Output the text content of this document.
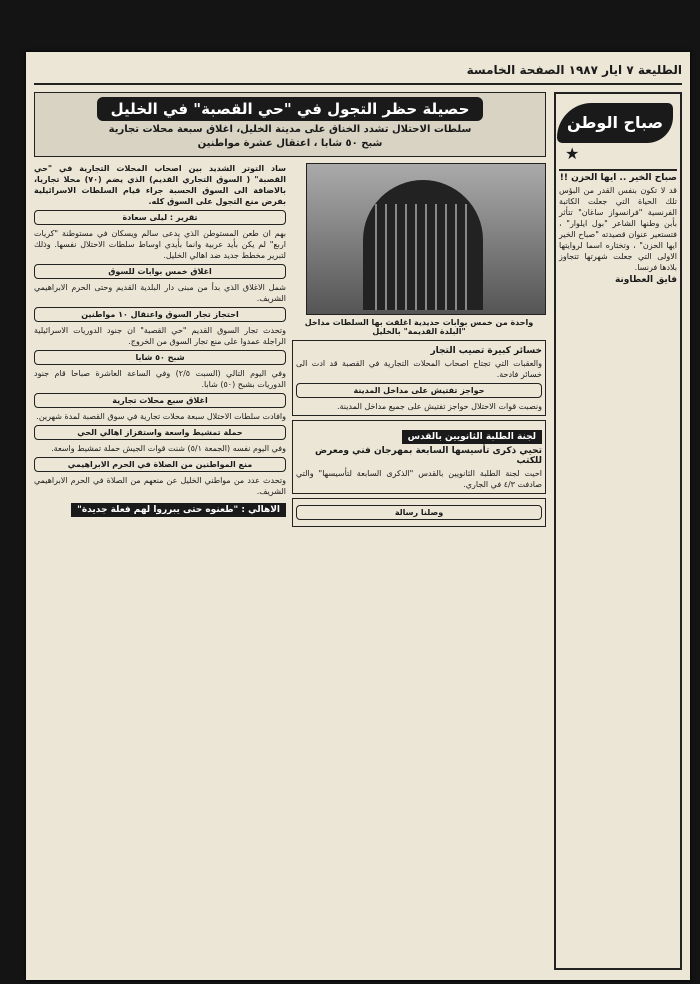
الطليعة ٧ ايار ١٩٨٧ الصفحة الخامسة
صباح الوطن
★

صباح الخير .. ايها الحزن !!

قد لا تكون بنفس القدر من البؤس تلك الحياة التي جعلت الكاتبة الفرنسية "فرانسواز ساغان" تتأثر بأبن وطنها الشاعر "بول ايلوار" ، فتستعير عنوان قصيدته "صباح الخير ايها الحزن" ، وتختاره اسما لروايتها الاولى التي جعلت شهرتها تتجاوز بلادها فرنسا.

فايق العطاونة

حصيلة حظر التجول في "حي القصبة" في الخليل
سلطات الاحتلال تشدد الخناق على مدينة الخليل، اغلاق سبعة محلات تجارية
شبح ٥٠ شابا ، اعتقال عشرة مواطنين
واحدة من خمس بوابات حديدية اغلقت بها السلطات مداخل "البلدة القديمة" بالخليل

خسائر كبيرة تصيب التجار

والعقبات التي تجتاح اصحاب المحلات التجارية في القصبة قد ادت الى خسائر فادحة.

حواجز تفتيش على مداخل المدينة

ونصبت قوات الاحتلال حواجز تفتيش على جميع مداخل المدينة.

لجنة الطلبة الثانويين بالقدس

تحيي ذكرى تأسيسها السابعة بمهرجان فني ومعرض للكتب

احيت لجنة الطلبة الثانويين بالقدس "الذكرى السابعة لتأسيسها" والتي صادفت ٤/٣ في الجاري.

وصلنا رسالة

ساد التوتر الشديد بين اصحاب المحلات التجارية في "حي القصبة" ( السوق التجاري القديم) الذي يضم (٧٠) محلا تجاريا، بالاضافة الى السوق الحسبة جراء قيام السلطات الاسرائيلية بفرض منع التجول على السوق كله.

تقرير : ليلى سعادة

بهم ان طعن المستوطن الذي يدعى سالم ويسكان في مستوطنة "كريات اربع" لم يكن بأيد عربية وانما بأيدي اوساط سلطات الاحتلال نفسها. وذلك لتبرير مخطط جديد ضد اهالي الخليل.

اغلاق خمس بوابات للسوق

شمل الاغلاق الذي بدأ من مبنى دار البلدية القديم وحتى الحرم الابراهيمي الشريف.

احتجاز تجار السوق واعتقال ١٠ مواطنين

وتحدث تجار السوق القديم "حي القصبة" ان جنود الدوريات الاسرائيلية الراجلة عمدوا على منع تجار السوق من الخروج.

شبح ٥٠ شابا

وفي اليوم التالي (السبت ٢/٥) وفي الساعة العاشرة صباحا قام جنود الدوريات بشبح (٥٠) شابا.

اغلاق سبع محلات تجارية

وافادت سلطات الاحتلال سبعة محلات تجارية في سوق القصبة لمدة شهرين.

حملة تمشيط واسعة واستفزاز اهالي الحي

وفي اليوم نفسه (الجمعة ٥/١) شنت قوات الجيش حملة تمشيط واسعة.

منع المواطنين من الصلاة في الحرم الابراهيمي

وتحدث عدد من مواطني الخليل عن منعهم من الصلاة في الحرم الابراهيمي الشريف.

الاهالي : "طعنوه حتى يبرروا لهم فعلة جديدة"
